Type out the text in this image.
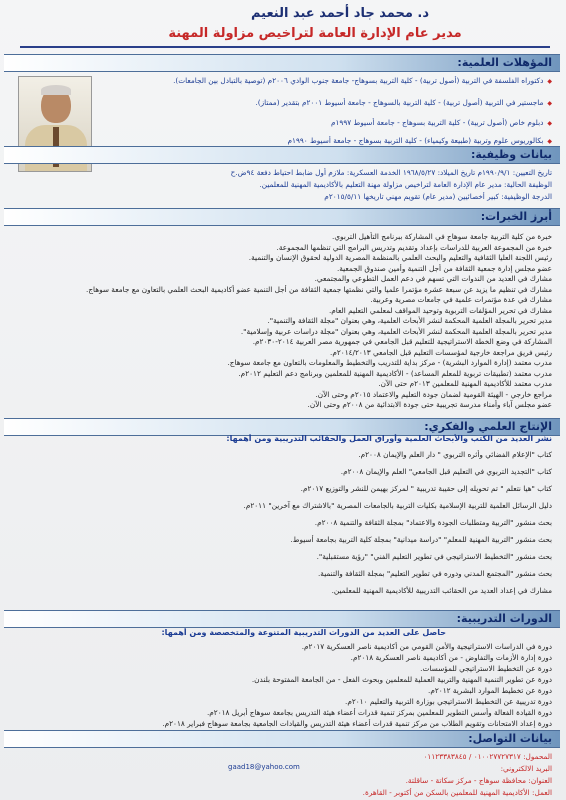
د. محمد جاد أحمد عبد النعيم
مدير عام الإدارة العامة لتراخيص مزاولة المهنة
المؤهلات العلمية:
◆ دكتوراه الفلسفة في التربية (أصول تربية) - كلية التربية بسوهاج- جامعة جنوب الوادي ٢٠٠٦م (توصية بالتبادل بين الجامعات).
◆ ماجستير في التربية (أصول تربية) - كلية التربية بالسوهاج - جامعة أسيوط ٢٠٠١م بتقدير (ممتاز).
◆ دبلوم خاص (أصول تربية) - كلية التربية بسوهاج - جامعة أسيوط ١٩٩٧م
◆ بكالوريوس علوم وتربية (طبيعة وكيمياء) - كلية التربية بسوهاج - جامعة أسيوط ١٩٩٠م
بيانات وظيفية:
تاريخ التعيين: ١٩٩٠/٩/١م تاريخ الميلاد: ١٩٦٨/٥/٢٧ الخدمة العسكرية: ملازم أول ضابط احتياط دفعة ٩٤ض.ح
الوظيفة الحالية: مدير عام الإدارة العامة لتراخيص مزاولة مهنة التعليم بالأكاديمية المهنية للمعلمين.
الدرجة الوظيفية: كبير أخصائيين (مدير عام) تقويم مهني تاريخها ٢٠١٥/٥/١١م
أبرز الخبرات:
خبرة من كلية التربية جامعة سوهاج في المشاركة ببرنامج التأهيل التربوي.
خبرة من المجموعة العربية للدراسات بإعداد وتقديم وتدريس البرامج التي تنظمها المجموعة.
رئيس اللجنة العليا الثقافية والتعليم والبحث العلمي بالمنظمة المصرية الدولية لحقوق الإنسان والتنمية.
عضو مجلس إدارة جمعية الثقافة من أجل التنمية وأمين صندوق الجمعية.
مشارك في العديد من الندوات التي تسهم في دعم العمل التطوعي والمجتمعي.
مشارك في تنظيم ما يزيد عن سبعة عشرة مؤتمرا علميا والتي نظمتها جمعية الثقافة من أجل التنمية عضو أكاديمية البحث العلمي بالتعاون مع جامعة سوهاج.
مشارك في عدة مؤتمرات علمية في جامعات مصرية وعربية.
مشارك في تحرير المؤلفات التربوية وتوحيد المواقف لمعلمي التعليم العام.
مدير تحرير بالمجلة العلمية المحكمة لنشر الأبحاث العلمية، وهي بعنوان "مجلة الثقافة والتنمية".
مدير تحرير بالمجلة العلمية المحكمة لنشر الأبحاث العلمية، وهي بعنوان "مجلة دراسات عربية وإسلامية".
المشاركة في وضع الخطة الاستراتيجية للتعليم قبل الجامعي في جمهورية مصر العربية ٢٠١٤-٢٠٣٠م.
رئيس فريق مراجعة خارجية لمؤسسات التعليم قبل الجامعي ٢٠١٤/٢٠١٣م.
مدرب معتمد (إدارة الموارد البشرية) - مركز بداية للتدريب والتخطيط والمعلومات بالتعاون مع جامعة سوهاج.
مدرب معتمد (تطبيقات تربوية للمعلم المساعد) - الأكاديمية المهنية للمعلمين وبرنامج دعم التعليم ٢٠١٢م.
مدرب معتمد للأكاديمية المهنية للمعلمين ٢٠١٣م حتى الآن.
مراجع خارجي - الهيئة القومية لضمان جودة التعليم والاعتماد ٢٠١٥م وحتى الآن.
عضو مجلس آباء وأمناء مدرسة تجريبية حتى جودة الابتدائية من ٢٠٠٨م وحتى الآن.
الإنتاج العلمي والفكري:
نشر العديد من الكتب والأبحاث العلمية وأوراق العمل والحقائب التدريبية ومن أهمها:
كتاب "الإعلام الفضائي وأثره التربوي " دار العلم والإيمان ٢٠٠٨م.
كتاب "التجديد التربوي في التعليم قبل الجامعي" العلم والإيمان ٢٠٠٨م.
كتاب "هيا نتعلم " تم تحويله إلى حقيبة تدريبية " لمركز بهيمن للنشر والتوزيع ٢٠١٧م.
دليل الرسائل العلمية للتربية الإسلامية بكليات التربية بالجامعات المصرية "بالاشتراك مع آخرين" ٢٠١١م.
بحث منشور "التربية ومتطلبات الجودة والاعتماد" بمجلة الثقافة والتنمية ٢٠٠٨م.
بحث منشور "التربية المهنية للمعلم" "دراسة ميدانية" بمجلة كلية التربية بجامعة أسيوط.
بحث منشور "التخطيط الاستراتيجي في تطوير التعليم الفني" "رؤية مستقبلية".
بحث منشور "المجتمع المدني ودوره في تطوير التعليم" بمجلة الثقافة والتنمية.
مشارك في إعداد العديد من الحقائب التدريبية للأكاديمية المهنية للمعلمين.
الدورات التدريبية:
حاصل على العديد من الدورات التدريبية المتنوعة والمتخصصة ومن أهمها:
دورة في الدراسات الاستراتيجية والأمن القومي من أكاديمية ناصر العسكرية ٢٠١٧م.
دورة إدارة الأزمات والتفاوض - من أكاديمية ناصر العسكرية ٢٠١٨م.
دورة عن التخطيط الاستراتيجي للمؤسسات.
دورة عن تطوير التنمية المهنية والتربية العملية للمعلمين وبحوث الفعل - من الجامعة المفتوحة بلندن.
دورة عن تخطيط الموارد البشرية ٢٠١٢م.
دورة تدريبية عن التخطيط الاستراتيجي بوزارة التربية والتعليم ٢٠١٠م.
دورة القيادة الفعالة وأسس التطوير للمعلمين بمركز تنمية قدرات أعضاء هيئة التدريس بجامعة سوهاج أبريل ٢٠١٨م.
دورة إعداد الامتحانات وتقويم الطلاب من مركز تنمية قدرات أعضاء هيئة التدريس والقيادات الجامعية بجامعة سوهاج فبراير ٢٠١٨م.
بيانات التواصل:
المحمول: ٠١٠٠٢٧٧٢٧٣١٧ / ٠١١٢٣٣٨٣٨٤٥
البريد الالكتروني:
gaad18@yahoo.com
العنوان: محافظة سوهاج - مركز سكاتة - ساقلتة.
العمل: الأكاديمية المهنية للمعلمين بالسكن من أكتوبر - القاهرة.
